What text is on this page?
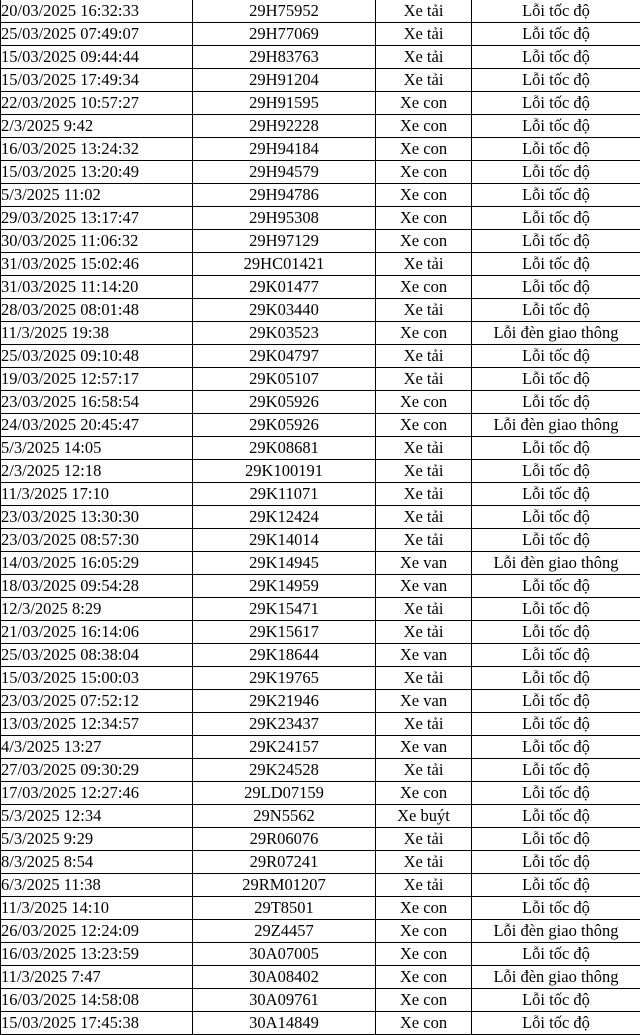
20/03/2025 16:32:33	29H75952	Xe tải	Lỗi tốc độ
25/03/2025 07:49:07	29H77069	Xe tải	Lỗi tốc độ
15/03/2025 09:44:44	29H83763	Xe tải	Lỗi tốc độ
15/03/2025 17:49:34	29H91204	Xe tải	Lỗi tốc độ
22/03/2025 10:57:27	29H91595	Xe con	Lỗi tốc độ
2/3/2025 9:42	29H92228	Xe con	Lỗi tốc độ
16/03/2025 13:24:32	29H94184	Xe con	Lỗi tốc độ
15/03/2025 13:20:49	29H94579	Xe con	Lỗi tốc độ
5/3/2025 11:02	29H94786	Xe con	Lỗi tốc độ
29/03/2025 13:17:47	29H95308	Xe con	Lỗi tốc độ
30/03/2025 11:06:32	29H97129	Xe con	Lỗi tốc độ
31/03/2025 15:02:46	29HC01421	Xe tải	Lỗi tốc độ
31/03/2025 11:14:20	29K01477	Xe con	Lỗi tốc độ
28/03/2025 08:01:48	29K03440	Xe tải	Lỗi tốc độ
11/3/2025 19:38	29K03523	Xe con	Lỗi đèn giao thông
25/03/2025 09:10:48	29K04797	Xe tải	Lỗi tốc độ
19/03/2025 12:57:17	29K05107	Xe tải	Lỗi tốc độ
23/03/2025 16:58:54	29K05926	Xe con	Lỗi tốc độ
24/03/2025 20:45:47	29K05926	Xe con	Lỗi đèn giao thông
5/3/2025 14:05	29K08681	Xe tải	Lỗi tốc độ
2/3/2025 12:18	29K100191	Xe tải	Lỗi tốc độ
11/3/2025 17:10	29K11071	Xe tải	Lỗi tốc độ
23/03/2025 13:30:30	29K12424	Xe tải	Lỗi tốc độ
23/03/2025 08:57:30	29K14014	Xe tải	Lỗi tốc độ
14/03/2025 16:05:29	29K14945	Xe van	Lỗi đèn giao thông
18/03/2025 09:54:28	29K14959	Xe van	Lỗi tốc độ
12/3/2025 8:29	29K15471	Xe tải	Lỗi tốc độ
21/03/2025 16:14:06	29K15617	Xe tải	Lỗi tốc độ
25/03/2025 08:38:04	29K18644	Xe van	Lỗi tốc độ
15/03/2025 15:00:03	29K19765	Xe tải	Lỗi tốc độ
23/03/2025 07:52:12	29K21946	Xe van	Lỗi tốc độ
13/03/2025 12:34:57	29K23437	Xe tải	Lỗi tốc độ
4/3/2025 13:27	29K24157	Xe van	Lỗi tốc độ
27/03/2025 09:30:29	29K24528	Xe tải	Lỗi tốc độ
17/03/2025 12:27:46	29LD07159	Xe con	Lỗi tốc độ
5/3/2025 12:34	29N5562	Xe buýt	Lỗi tốc độ
5/3/2025 9:29	29R06076	Xe tải	Lỗi tốc độ
8/3/2025 8:54	29R07241	Xe tải	Lỗi tốc độ
6/3/2025 11:38	29RM01207	Xe tải	Lỗi tốc độ
11/3/2025 14:10	29T8501	Xe con	Lỗi tốc độ
26/03/2025 12:24:09	29Z4457	Xe con	Lỗi đèn giao thông
16/03/2025 13:23:59	30A07005	Xe con	Lỗi tốc độ
11/3/2025 7:47	30A08402	Xe con	Lỗi đèn giao thông
16/03/2025 14:58:08	30A09761	Xe con	Lỗi tốc độ
15/03/2025 17:45:38	30A14849	Xe con	Lỗi tốc độ
